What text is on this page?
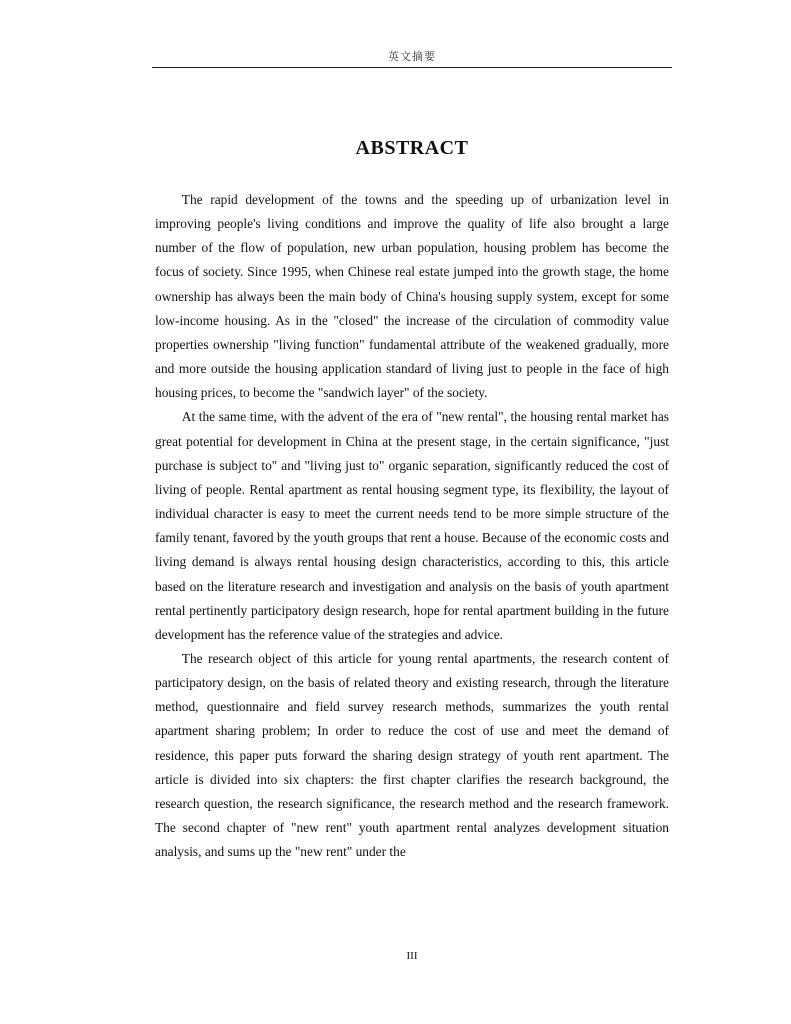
英文摘要
ABSTRACT

The rapid development of the towns and the speeding up of urbanization level in improving people's living conditions and improve the quality of life also brought a large number of the flow of population, new urban population, housing problem has become the focus of society. Since 1995, when Chinese real estate jumped into the growth stage, the home ownership has always been the main body of China's housing supply system, except for some low-income housing. As in the "closed" the increase of the circulation of commodity value properties ownership "living function" fundamental attribute of the weakened gradually, more and more outside the housing application standard of living just to people in the face of high housing prices, to become the "sandwich layer" of the society.

At the same time, with the advent of the era of "new rental", the housing rental market has great potential for development in China at the present stage, in the certain significance, "just purchase is subject to" and "living just to" organic separation, significantly reduced the cost of living of people. Rental apartment as rental housing segment type, its flexibility, the layout of individual character is easy to meet the current needs tend to be more simple structure of the family tenant, favored by the youth groups that rent a house. Because of the economic costs and living demand is always rental housing design characteristics, according to this, this article based on the literature research and investigation and analysis on the basis of youth apartment rental pertinently participatory design research, hope for rental apartment building in the future development has the reference value of the strategies and advice.

The research object of this article for young rental apartments, the research content of participatory design, on the basis of related theory and existing research, through the literature method, questionnaire and field survey research methods, summarizes the youth rental apartment sharing problem; In order to reduce the cost of use and meet the demand of residence, this paper puts forward the sharing design strategy of youth rent apartment. The article is divided into six chapters: the first chapter clarifies the research background, the research question, the research significance, the research method and the research framework. The second chapter of "new rent" youth apartment rental analyzes development situation analysis, and sums up the "new rent" under the

III
